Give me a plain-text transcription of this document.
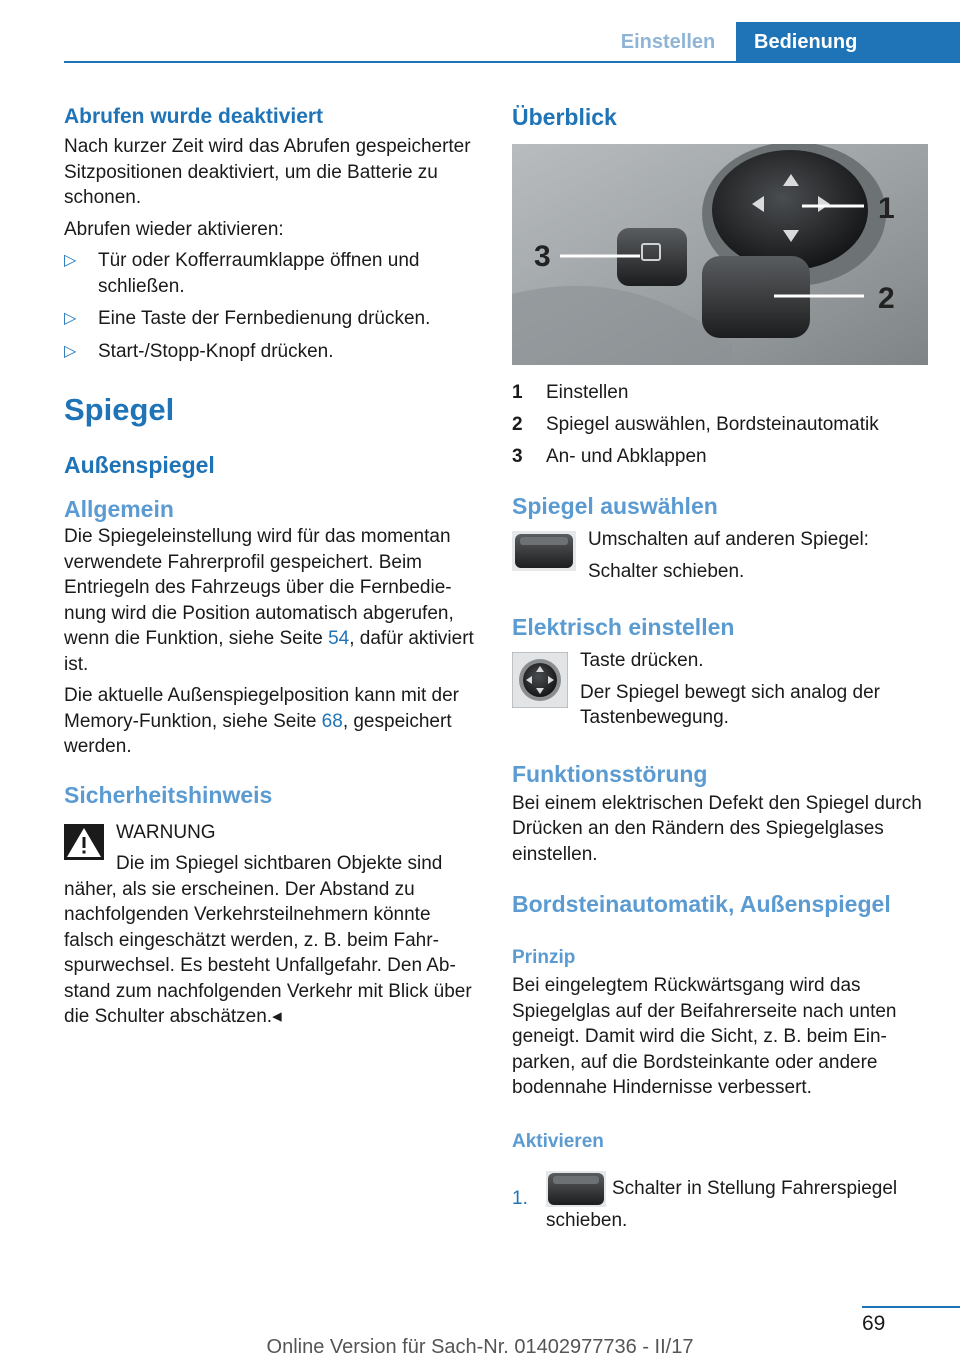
Einstellen	Bedienung
Abrufen wurde deaktiviert

Nach kurzer Zeit wird das Abrufen gespeicherter Sitzpositionen deaktiviert, um die Batterie zu schonen.

Abrufen wieder aktivieren:

▷ Tür oder Kofferraumklappe öffnen und schließen.
▷ Eine Taste der Fernbedienung drücken.
▷ Start-/Stopp-Knopf drücken.
Spiegel
Außenspiegel
Allgemein

Die Spiegeleinstellung wird für das momentan verwendete Fahrerprofil gespeichert. Beim Entriegeln des Fahrzeugs über die Fernbedienung wird die Position automatisch abgerufen, wenn die Funktion, siehe Seite 54, dafür aktiviert ist.

Die aktuelle Außenspiegelposition kann mit der Memory-Funktion, siehe Seite 68, gespeichert werden.

Sicherheitshinweis

WARNUNG

Die im Spiegel sichtbaren Objekte sind

näher, als sie erscheinen. Der Abstand zu nachfolgenden Verkehrsteilnehmern könnte falsch eingeschätzt werden, z. B. beim Fahrspurwechsel. Es besteht Unfallgefahr. Den Abstand zum nachfolgenden Verkehr mit Blick über die Schulter abschätzen.◂

Überblick
1
2
3
1	Einstellen
2	Spiegel auswählen, Bordsteinautomatik
3	An- und Abklappen
Spiegel auswählen

Umschalten auf anderen Spiegel:

Schalter schieben.

Elektrisch einstellen

Taste drücken.

Der Spiegel bewegt sich analog der Tastenbewegung.

Funktionsstörung

Bei einem elektrischen Defekt den Spiegel durch Drücken an den Rändern des Spiegelglases einstellen.

Bordsteinautomatik, Außenspiegel
Prinzip

Bei eingelegtem Rückwärtsgang wird das Spiegelglas auf der Beifahrerseite nach unten geneigt. Damit wird die Sicht, z. B. beim Einparken, auf die Bordsteinkante oder andere bodennahe Hindernisse verbessert.

Aktivieren
1.	Schalter in Stellung Fahrerspiegel schieben.
69
Online Version für Sach-Nr. 01402977736 - II/17
